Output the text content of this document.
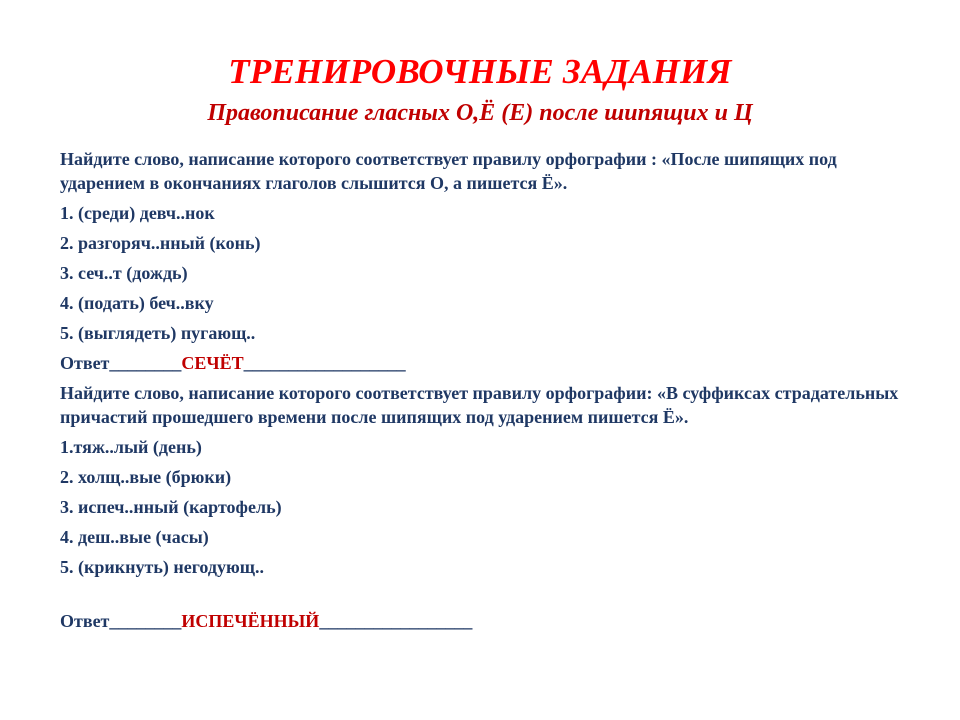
ТРЕНИРОВОЧНЫЕ ЗАДАНИЯ
Правописание гласных О,Ё (Е) после шипящих и Ц

Найдите слово, написание которого соответствует правилу орфографии : «После шипящих под ударением в окончаниях глаголов слышится О, а пишется Ё».

1. (среди) девч..нок

2. разгоряч..нный (конь)

3. сеч..т (дождь)

4. (подать) беч..вку

5. (выглядеть) пугающ..

Ответ________СЕЧЁТ__________________

Найдите слово, написание которого соответствует правилу орфографии: «В суффиксах страдательных причастий прошедшего времени после шипящих под ударением пишется Ё».

1.тяж..лый (день)

2. холщ..вые (брюки)

3. испеч..нный (картофель)

4. деш..вые (часы)

5. (крикнуть) негодующ..

Ответ________ИСПЕЧЁННЫЙ_________________
